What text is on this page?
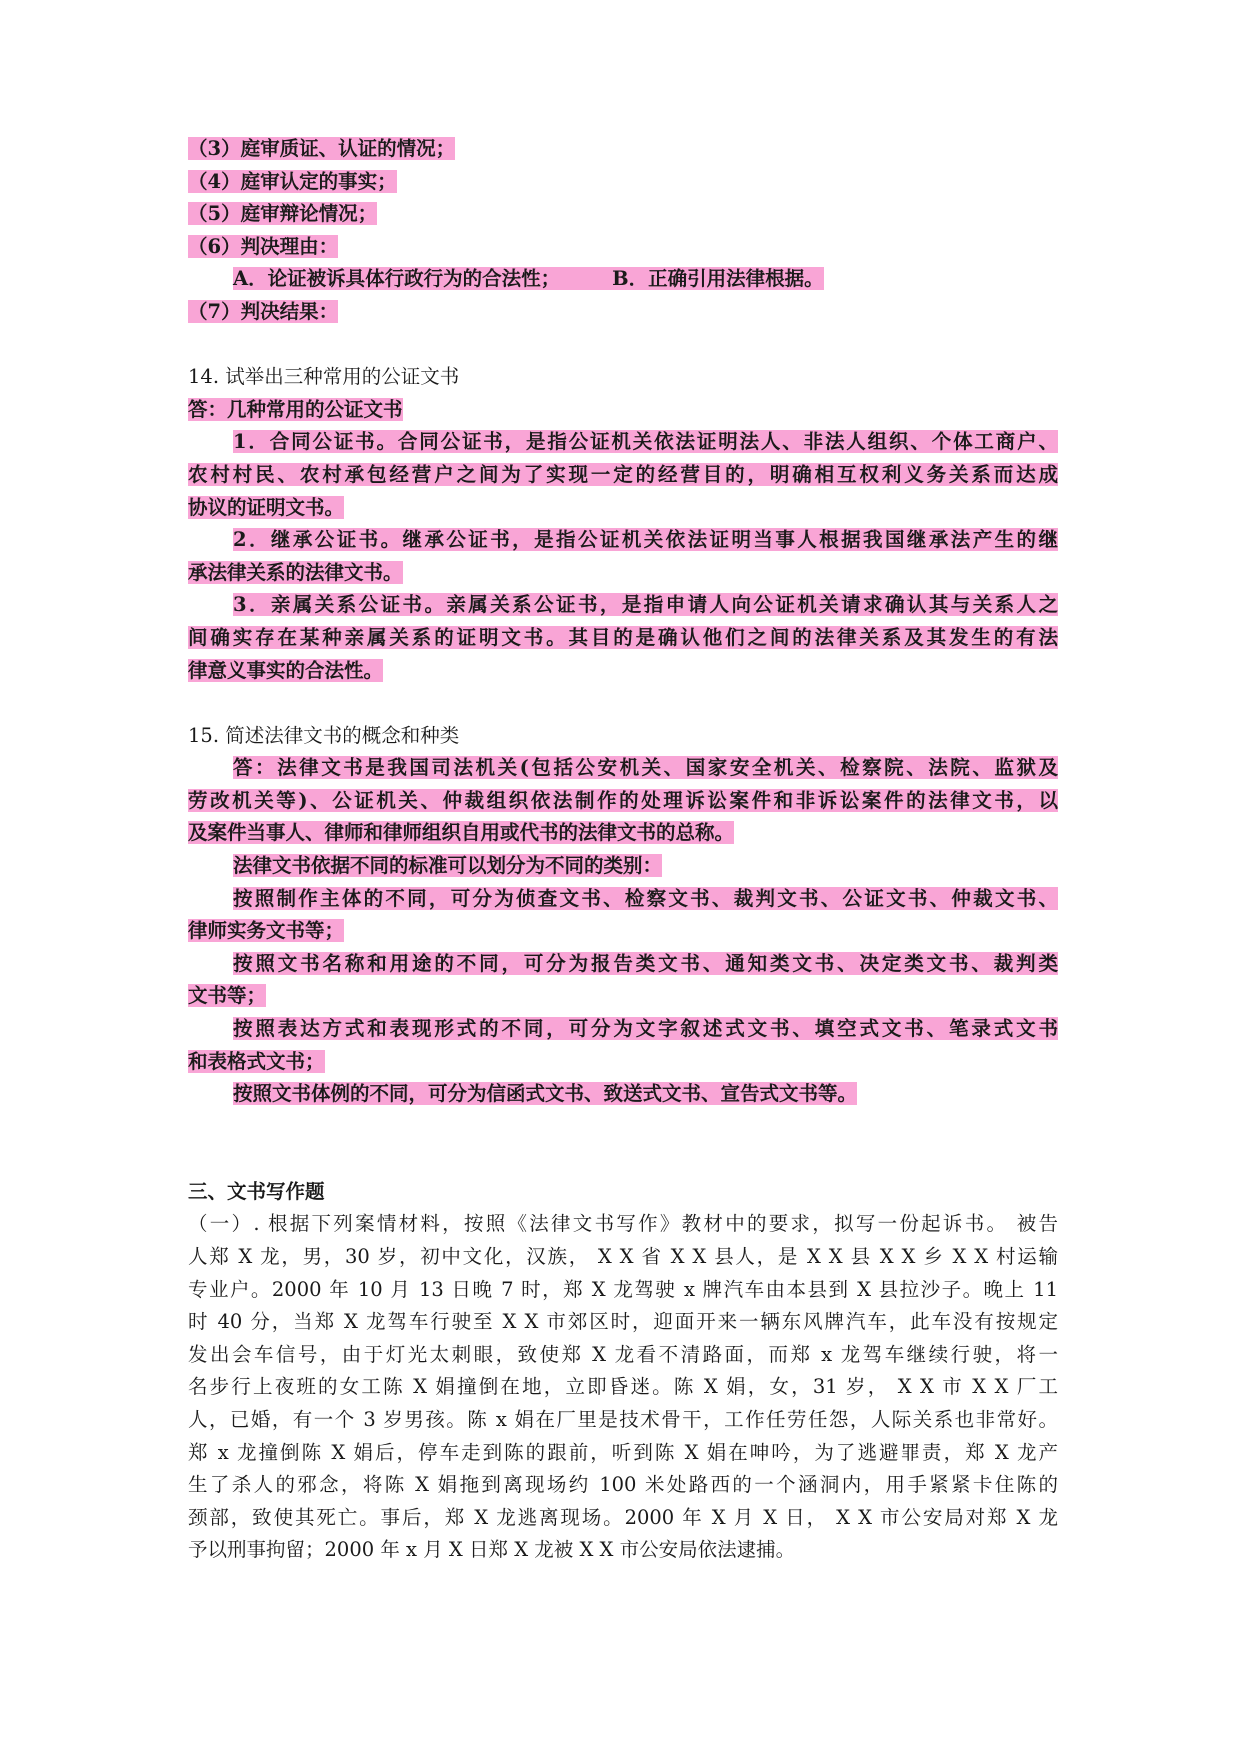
（3）庭审质证、认证的情况；
（4）庭审认定的事实；
（5）庭审辩论情况；
（6）判决理由：
A．论证被诉具体行政行为的合法性；	B．正确引用法律根据。
（7）判决结果：
14. 试举出三种常用的公证文书
答：几种常用的公证文书
1．合同公证书。合同公证书，是指公证机关依法证明法人、非法人组织、个体工商户、
农村村民、农村承包经营户之间为了实现一定的经营目的，明确相互权利义务关系而达成
协议的证明文书。
2．继承公证书。继承公证书，是指公证机关依法证明当事人根据我国继承法产生的继
承法律关系的法律文书。
3．亲属关系公证书。亲属关系公证书，是指申请人向公证机关请求确认其与关系人之
间确实存在某种亲属关系的证明文书。其目的是确认他们之间的法律关系及其发生的有法
律意义事实的合法性。
15. 简述法律文书的概念和种类
答：法律文书是我国司法机关(包括公安机关、国家安全机关、检察院、法院、监狱及
劳改机关等)、公证机关、仲裁组织依法制作的处理诉讼案件和非诉讼案件的法律文书，以
及案件当事人、律师和律师组织自用或代书的法律文书的总称。
法律文书依据不同的标准可以划分为不同的类别：
按照制作主体的不同，可分为侦查文书、检察文书、裁判文书、公证文书、仲裁文书、
律师实务文书等；
按照文书名称和用途的不同，可分为报告类文书、通知类文书、决定类文书、裁判类
文书等；
按照表达方式和表现形式的不同，可分为文字叙述式文书、填空式文书、笔录式文书
和表格式文书；
按照文书体例的不同，可分为信函式文书、致送式文书、宣告式文书等。
三、文书写作题
（一）. 根据下列案情材料，按照《法律文书写作》教材中的要求，拟写一份起诉书。 被告
人郑 X 龙，男，30 岁，初中文化，汉族， X X 省 X X 县人，是 X X 县 X X 乡 X X 村运输
专业户。2000 年 10 月 13 日晚 7 时，郑 X 龙驾驶 x 牌汽车由本县到 X 县拉沙子。晚上 11
时 40 分，当郑 X 龙驾车行驶至 X X 市郊区时，迎面开来一辆东风牌汽车，此车没有按规定
发出会车信号，由于灯光太刺眼，致使郑 X 龙看不清路面，而郑 x 龙驾车继续行驶，将一
名步行上夜班的女工陈 X 娟撞倒在地，立即昏迷。陈 X 娟，女，31 岁， X X 市 X X 厂工
人，已婚，有一个 3 岁男孩。陈 x 娟在厂里是技术骨干，工作任劳任怨，人际关系也非常好。
郑 x 龙撞倒陈 X 娟后，停车走到陈的跟前，听到陈 X 娟在呻吟，为了逃避罪责，郑 X 龙产
生了杀人的邪念，将陈 X 娟拖到离现场约 100 米处路西的一个涵洞内，用手紧紧卡住陈的
颈部，致使其死亡。事后，郑 X 龙逃离现场。2000 年 X 月 X 日， X X 市公安局对郑 X 龙
予以刑事拘留；2000 年 x 月 X 日郑 X 龙被 X X 市公安局依法逮捕。
